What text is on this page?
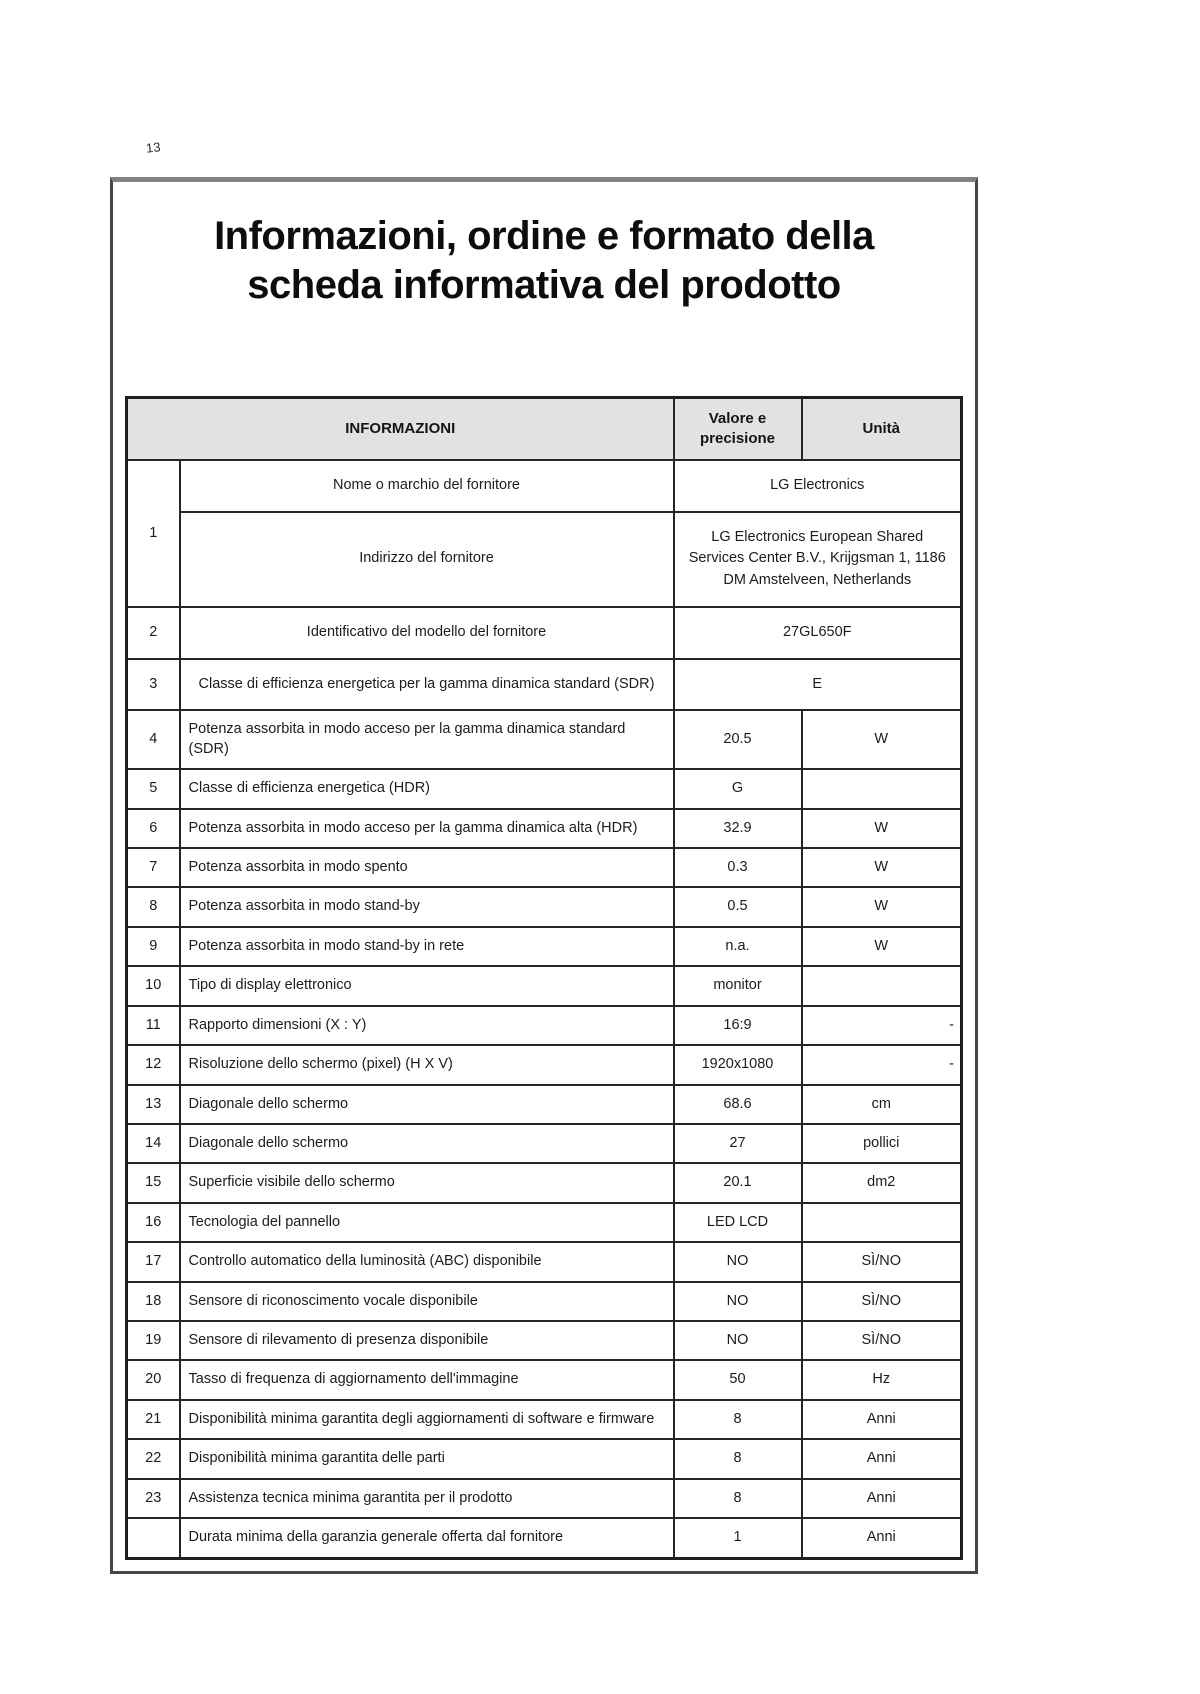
13
Informazioni, ordine e formato della
scheda informativa del prodotto
INFORMAZIONI		Valore e precisione	Unità
1	Nome o marchio del fornitore	LG Electronics	
	Indirizzo del fornitore	LG Electronics European Shared Services Center B.V., Krijgsman 1, 1186 DM Amstelveen, Netherlands	
2	Identificativo del modello del fornitore	27GL650F	
3	Classe di efficienza energetica per la gamma dinamica standard (SDR)	E	
4	Potenza assorbita in modo acceso per la gamma dinamica standard (SDR)	20.5	W
5	Classe di efficienza energetica (HDR)	G	
6	Potenza assorbita in modo acceso per la gamma dinamica alta (HDR)	32.9	W
7	Potenza assorbita in modo spento	0.3	W
8	Potenza assorbita in modo stand-by	0.5	W
9	Potenza assorbita in modo stand-by in rete	n.a.	W
10	Tipo di display elettronico	monitor	
11	Rapporto dimensioni (X : Y)	16:9	-
12	Risoluzione dello schermo (pixel) (H X V)	1920x1080	-
13	Diagonale dello schermo	68.6	cm
14	Diagonale dello schermo	27	pollici
15	Superficie visibile dello schermo	20.1	dm2
16	Tecnologia del pannello	LED LCD	
17	Controllo automatico della luminosità (ABC) disponibile	NO	SÌ/NO
18	Sensore di riconoscimento vocale disponibile	NO	SÌ/NO
19	Sensore di rilevamento di presenza disponibile	NO	SÌ/NO
20	Tasso di frequenza di aggiornamento dell'immagine	50	Hz
21	Disponibilità minima garantita degli aggiornamenti di software e firmware	8	Anni
22	Disponibilità minima garantita delle parti	8	Anni
23	Assistenza tecnica minima garantita per il prodotto	8	Anni
	Durata minima della garanzia generale offerta dal fornitore	1	Anni
